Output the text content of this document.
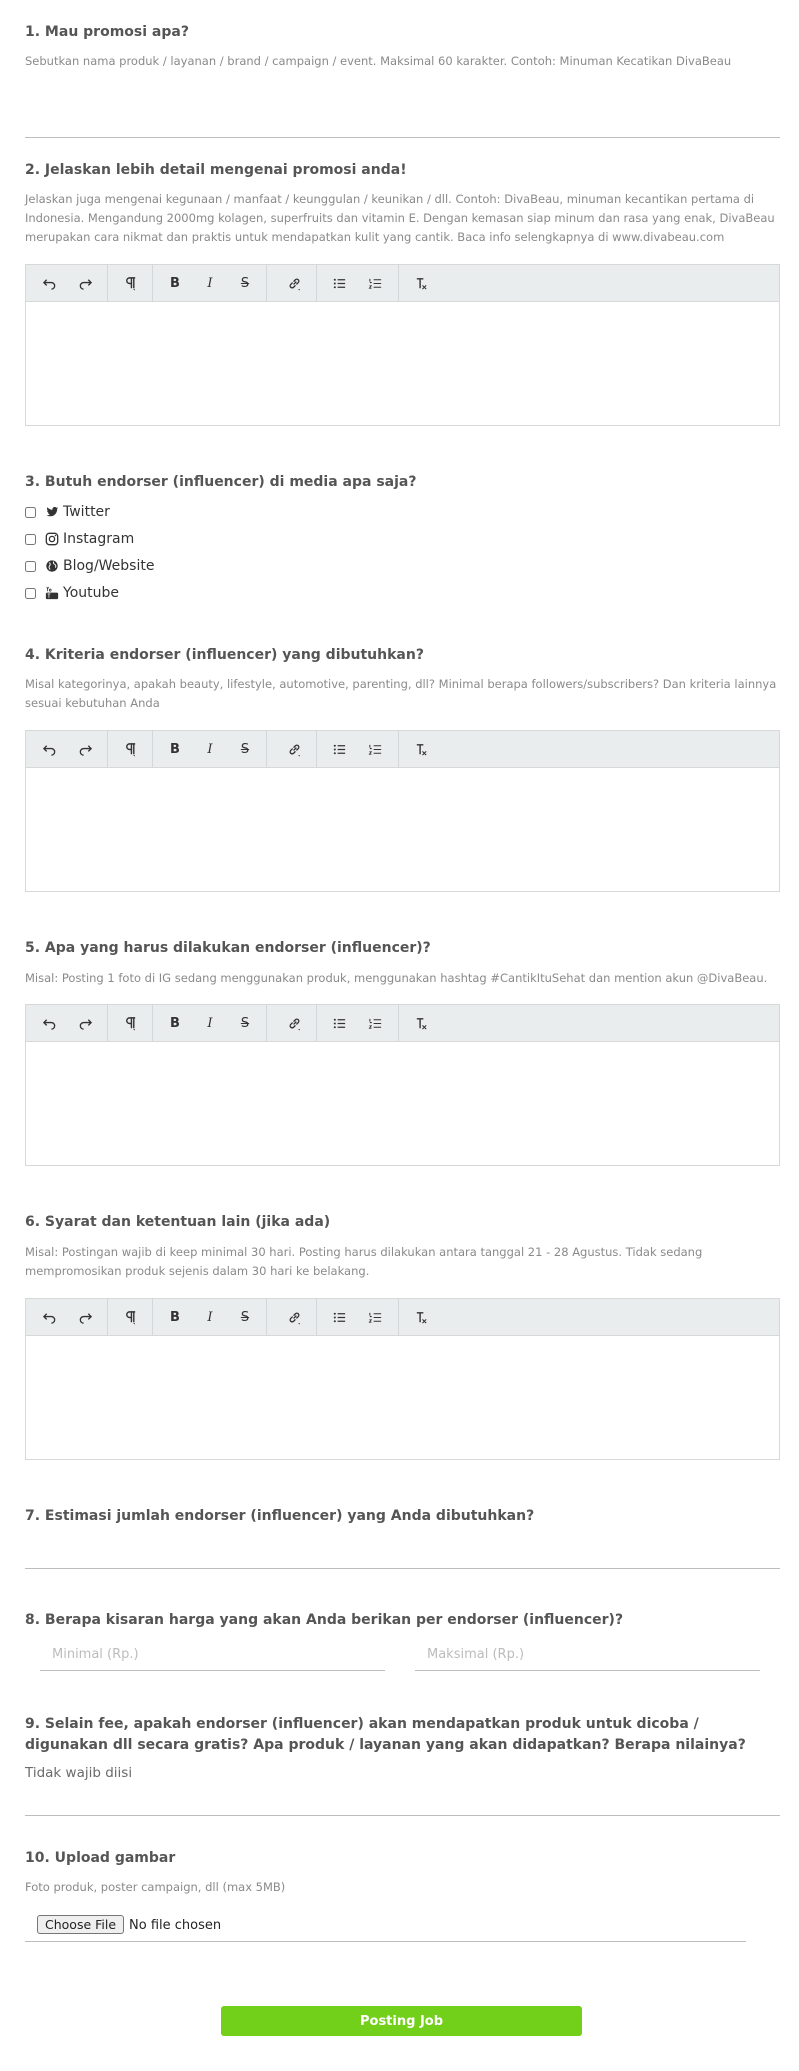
1. Mau promosi apa?

Sebutkan nama produk / layanan / brand / campaign / event. Maksimal 60 karakter. Contoh: Minuman Kecatikan DivaBeau

2. Jelaskan lebih detail mengenai promosi anda!

Jelaskan juga mengenai kegunaan / manfaat / keunggulan / keunikan / dll. Contoh: DivaBeau, minuman kecantikan pertama di Indonesia. Mengandung 2000mg kolagen, superfruits dan vitamin E. Dengan kemasan siap minum dan rasa yang enak, DivaBeau merupakan cara nikmat dan praktis untuk mendapatkan kulit yang cantik. Baca info selengkapnya di www.divabeau.com

B	I	S

3. Butuh endorser (influencer) di media apa saja?

Twitter
Instagram
Blog/Website
Youtube

4. Kriteria endorser (influencer) yang dibutuhkan?

Misal kategorinya, apakah beauty, lifestyle, automotive, parenting, dll? Minimal berapa followers/subscribers? Dan kriteria lainnya sesuai kebutuhan Anda

B	I	S

5. Apa yang harus dilakukan endorser (influencer)?

Misal: Posting 1 foto di IG sedang menggunakan produk, menggunakan hashtag #CantikItuSehat dan mention akun @DivaBeau.

B	I	S

6. Syarat dan ketentuan lain (jika ada)

Misal: Postingan wajib di keep minimal 30 hari. Posting harus dilakukan antara tanggal 21 - 28 Agustus. Tidak sedang mempromosikan produk sejenis dalam 30 hari ke belakang.

B	I	S

7. Estimasi jumlah endorser (influencer) yang Anda dibutuhkan?

8. Berapa kisaran harga yang akan Anda berikan per endorser (influencer)?

Minimal (Rp.)	Maksimal (Rp.)

9. Selain fee, apakah endorser (influencer) akan mendapatkan produk untuk dicoba / digunakan dll secara gratis? Apa produk / layanan yang akan didapatkan? Berapa nilainya?

Tidak wajib diisi

10. Upload gambar

Foto produk, poster campaign, dll (max 5MB)

Choose File No file chosen
Posting Job
